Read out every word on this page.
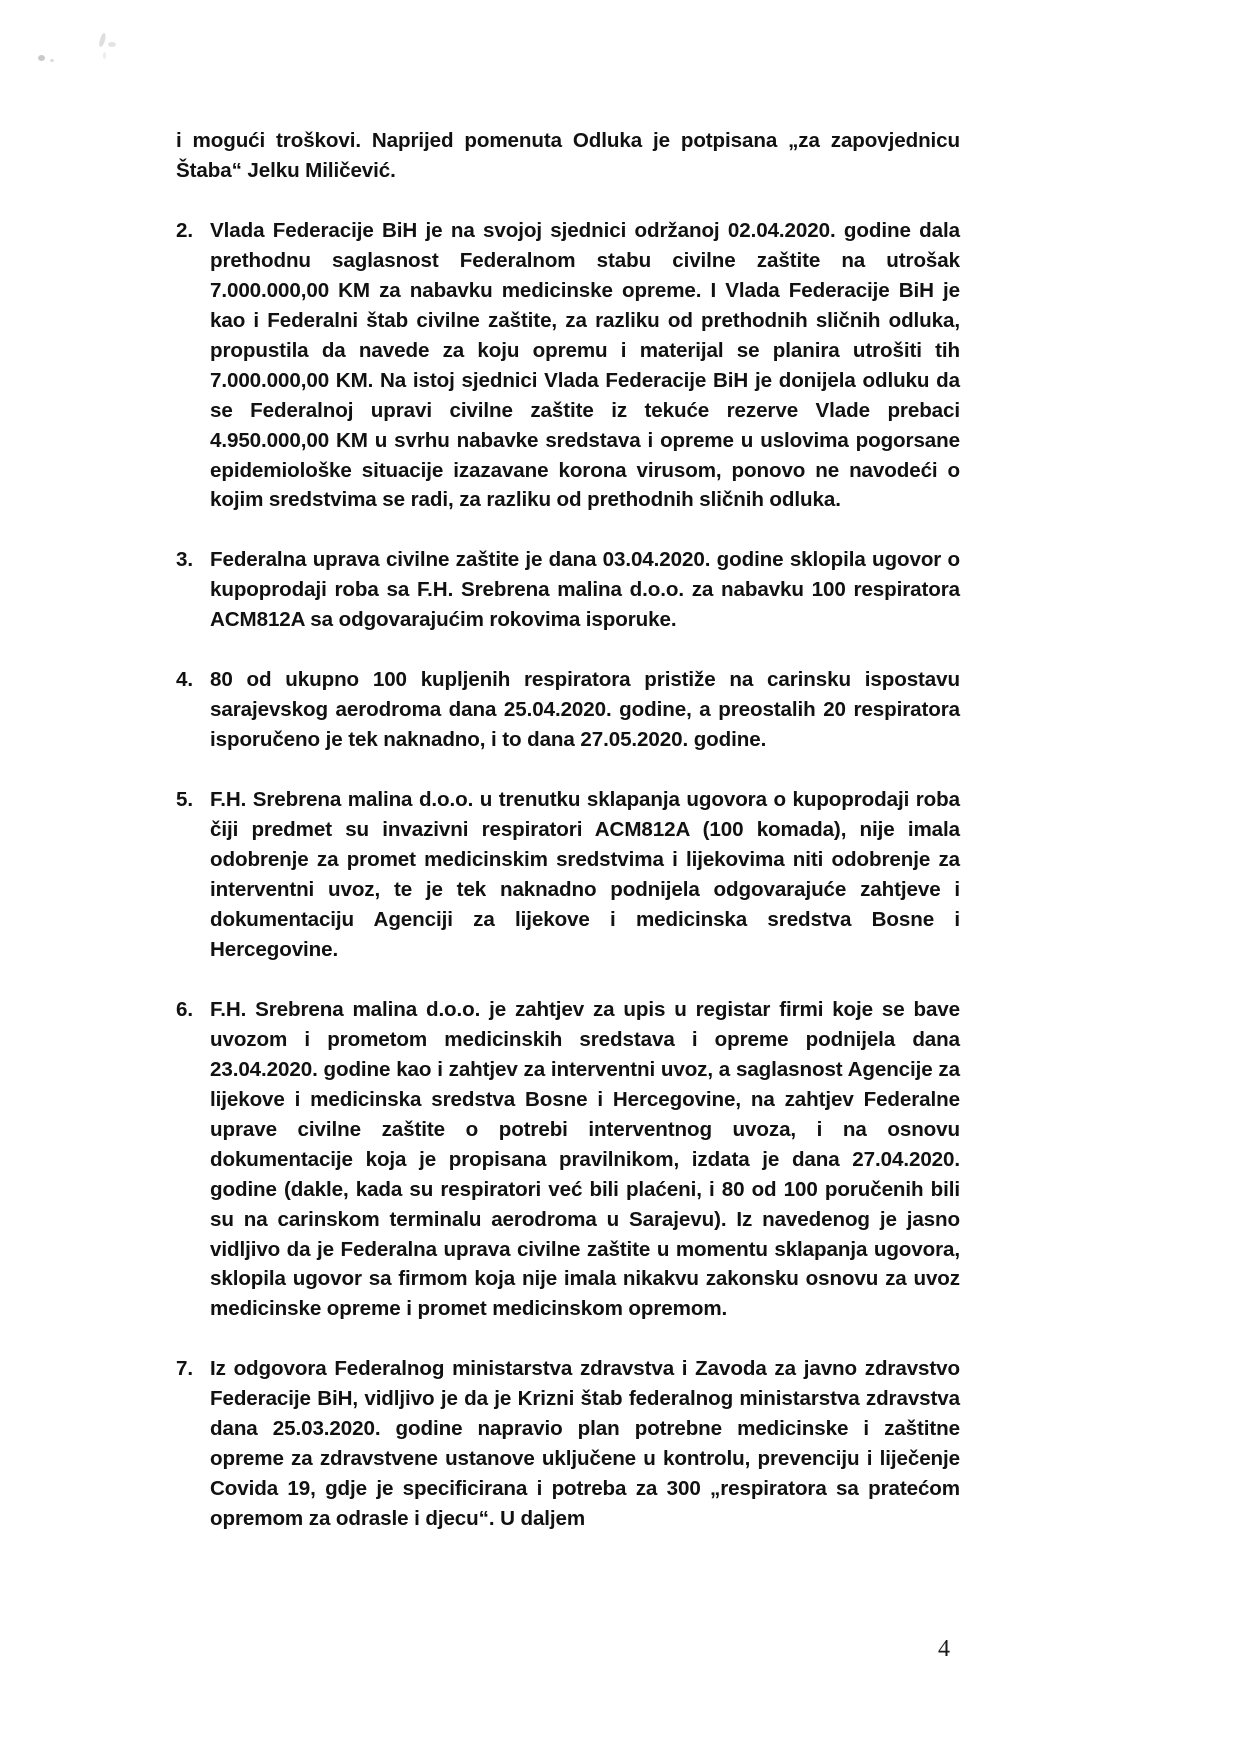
i mogući troškovi. Naprijed pomenuta Odluka je potpisana „za zapovjednicu Štaba“ Jelku Miličević.
2. Vlada Federacije BiH je na svojoj sjednici održanoj 02.04.2020. godine dala prethodnu saglasnost Federalnom stabu civilne zaštite na utrošak 7.000.000,00 KM za nabavku medicinske opreme. I Vlada Federacije BiH je kao i Federalni štab civilne zaštite, za razliku od prethodnih sličnih odluka, propustila da navede za koju opremu i materijal se planira utrošiti tih 7.000.000,00 KM. Na istoj sjednici Vlada Federacije BiH je donijela odluku da se Federalnoj upravi civilne zaštite iz tekuće rezerve Vlade prebaci 4.950.000,00 KM u svrhu nabavke sredstava i opreme u uslovima pogorsane epidemiološke situacije izazavane korona virusom, ponovo ne navodeći o kojim sredstvima se radi, za razliku od prethodnih sličnih odluka.
3. Federalna uprava civilne zaštite je dana 03.04.2020. godine sklopila ugovor o kupoprodaji roba sa F.H. Srebrena malina d.o.o. za nabavku 100 respiratora ACM812A sa odgovarajućim rokovima isporuke.
4. 80 od ukupno 100 kupljenih respiratora pristiže na carinsku ispostavu sarajevskog aerodroma dana 25.04.2020. godine, a preostalih 20 respiratora isporučeno je tek naknadno, i to dana 27.05.2020. godine.
5. F.H. Srebrena malina d.o.o. u trenutku sklapanja ugovora o kupoprodaji roba čiji predmet su invazivni respiratori ACM812A (100 komada), nije imala odobrenje za promet medicinskim sredstvima i lijekovima niti odobrenje za interventni uvoz, te je tek naknadno podnijela odgovarajuće zahtjeve i dokumentaciju Agenciji za lijekove i medicinska sredstva Bosne i Hercegovine.
6. F.H. Srebrena malina d.o.o. je zahtjev za upis u registar firmi koje se bave uvozom i prometom medicinskih sredstava i opreme podnijela dana 23.04.2020. godine kao i zahtjev za interventni uvoz, a saglasnost Agencije za lijekove i medicinska sredstva Bosne i Hercegovine, na zahtjev Federalne uprave civilne zaštite o potrebi interventnog uvoza, i na osnovu dokumentacije koja je propisana pravilnikom, izdata je dana 27.04.2020. godine (dakle, kada su respiratori već bili plaćeni, i 80 od 100 poručenih bili su na carinskom terminalu aerodroma u Sarajevu). Iz navedenog je jasno vidljivo da je Federalna uprava civilne zaštite u momentu sklapanja ugovora, sklopila ugovor sa firmom koja nije imala nikakvu zakonsku osnovu za uvoz medicinske opreme i promet medicinskom opremom.
7. Iz odgovora Federalnog ministarstva zdravstva i Zavoda za javno zdravstvo Federacije BiH, vidljivo je da je Krizni štab federalnog ministarstva zdravstva dana 25.03.2020. godine napravio plan potrebne medicinske i zaštitne opreme za zdravstvene ustanove uključene u kontrolu, prevenciju i liječenje Covida 19, gdje je specificirana i potreba za 300 „respiratora sa pratećom opremom za odrasle i djecu“. U daljem
4
